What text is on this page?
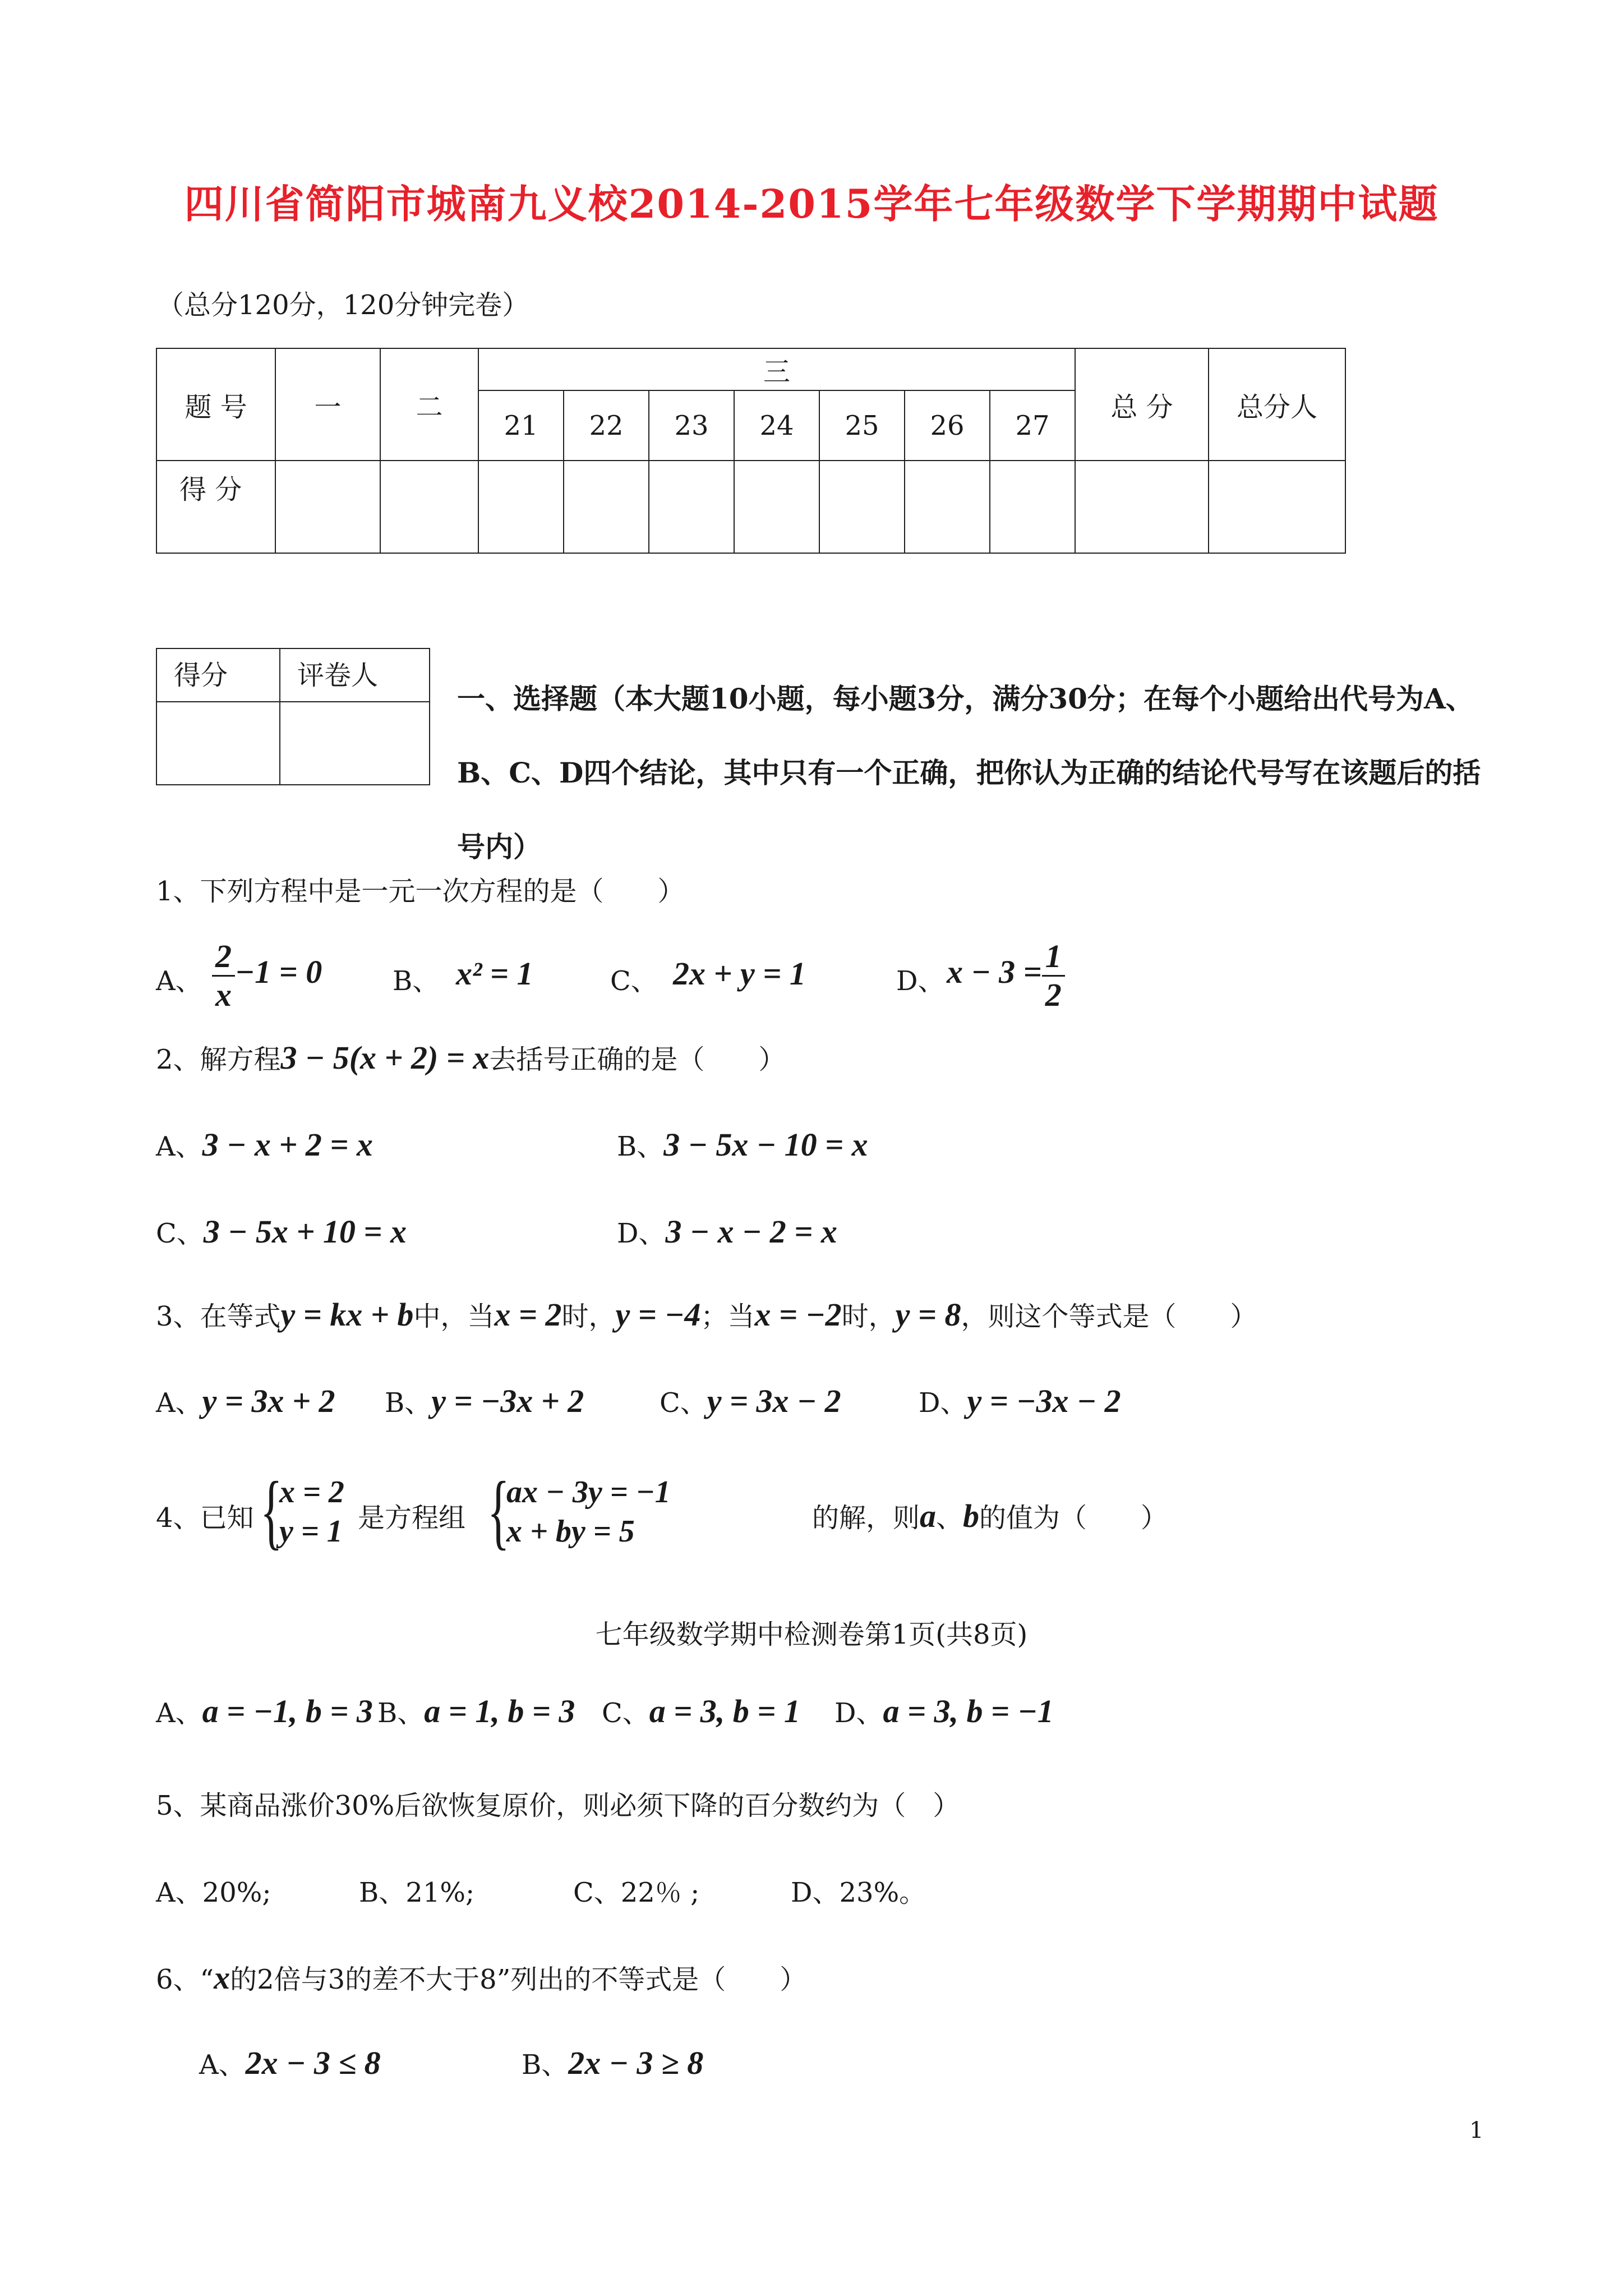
四川省简阳市城南九义校2014-2015学年七年级数学下学期期中试题
（总分120分，120分钟完卷）
题 号	一	二	三							总 分	总分人
			21	22	23	24	25	26	27		
得 分											
得分	评卷人

一、选择题（本大题10小题，每小题3分，满分30分；在每个小题给出代号为A、B、C、D四个结论，其中只有一个正确，把你认为正确的结论代号写在该题后的括号内）
1、下列方程中是一元一次方程的是（　　）
A、 $\frac{2}{x} -1 = 0$	B、 x² = 1	C、 2x + y = 1	D、 $x - 3 = \frac{1}{2}$
2、解方程3 − 5(x + 2) = x去括号正确的是（　　）
A、3 − x + 2 = x	B、3 − 5x − 10 = x
C、3 − 5x + 10 = x	D、3 − x − 2 = x
3、在等式y = kx + b中，当x = 2时，y = −4；当x = −2时，y = 8，则这个等式是（　　）
A、y = 3x + 2 B、y = −3x + 2	C、y = 3x − 2	D、y = −3x − 2
4、已知 {
x = 2
y = 1 是方程组 {
ax − 3y = −1
x + by = 5	的解，则a、b的值为（　　）
七年级数学期中检测卷第1页(共8页)
A、a = −1, b = 3 B、a = 1, b = 3 C、a = 3, b = 1 D、a = 3, b = −1
5、某商品涨价30%后欲恢复原价，则必须下降的百分数约为（　）
A、20%;	B、21%;	C、22％ ;	D、23%。
6、“x的2倍与3的差不大于8”列出的不等式是（　　）
A、2x − 3 ≤ 8	B、2x − 3 ≥ 8
1
